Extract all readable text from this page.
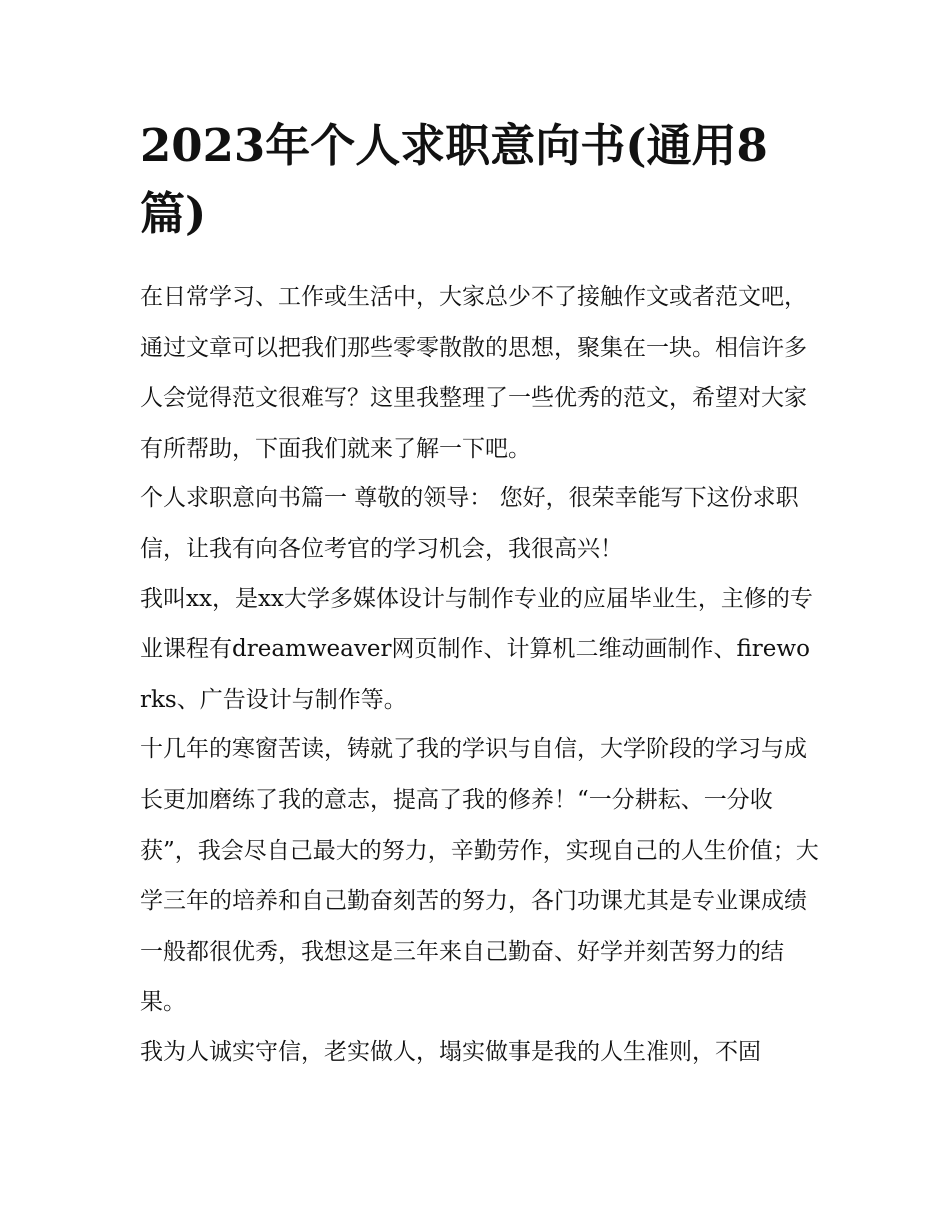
2023年个人求职意向书(通用8篇)

在日常学习、工作或生活中，大家总少不了接触作文或者范文吧，通过文章可以把我们那些零零散散的思想，聚集在一块。相信许多人会觉得范文很难写？这里我整理了一些优秀的范文，希望对大家有所帮助，下面我们就来了解一下吧。

个人求职意向书篇一 尊敬的领导： 您好，很荣幸能写下这份求职信，让我有向各位考官的学习机会，我很高兴！

我叫xx，是xx大学多媒体设计与制作专业的应届毕业生，主修的专业课程有dreamweaver网页制作、计算机二维动画制作、fireworks、广告设计与制作等。

十几年的寒窗苦读，铸就了我的学识与自信，大学阶段的学习与成长更加磨练了我的意志，提高了我的修养！“一分耕耘、一分收获”，我会尽自己最大的努力，辛勤劳作，实现自己的人生价值；大学三年的培养和自己勤奋刻苦的努力，各门功课尤其是专业课成绩一般都很优秀，我想这是三年来自己勤奋、好学并刻苦努力的结果。

我为人诚实守信，老实做人，塌实做事是我的人生准则，不固
